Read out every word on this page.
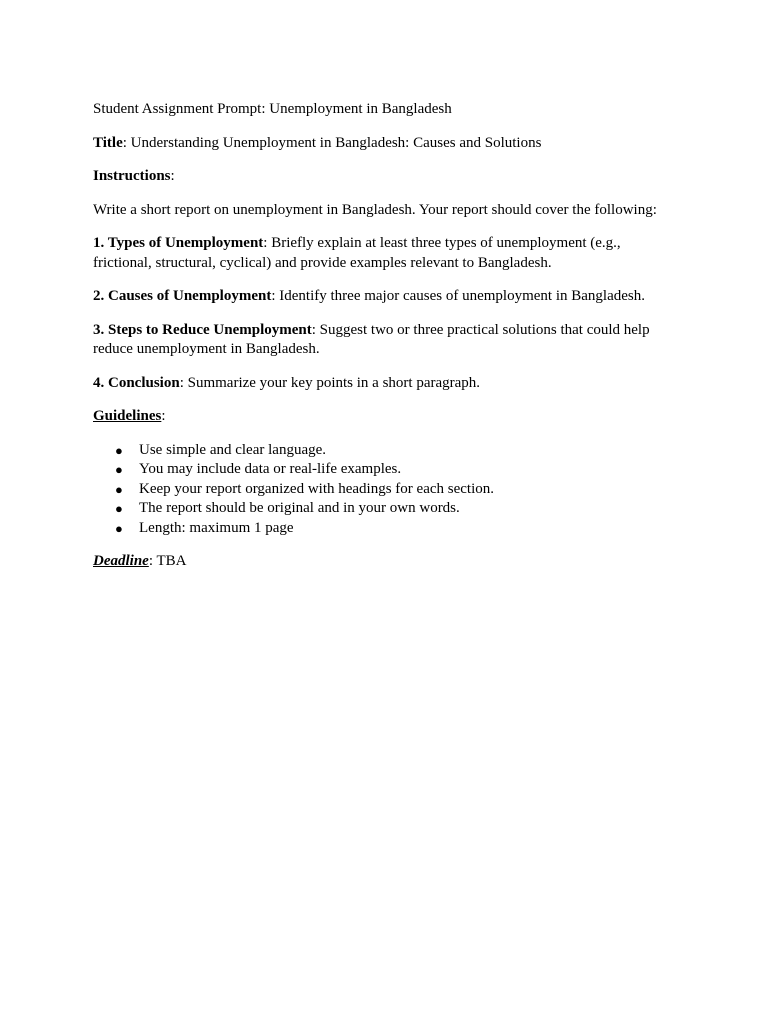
Student Assignment Prompt: Unemployment in Bangladesh

Title: Understanding Unemployment in Bangladesh: Causes and Solutions

Instructions:

Write a short report on unemployment in Bangladesh. Your report should cover the following:

1. Types of Unemployment: Briefly explain at least three types of unemployment (e.g., frictional, structural, cyclical) and provide examples relevant to Bangladesh.

2. Causes of Unemployment: Identify three major causes of unemployment in Bangladesh.

3. Steps to Reduce Unemployment: Suggest two or three practical solutions that could help reduce unemployment in Bangladesh.

4. Conclusion: Summarize your key points in a short paragraph.

Guidelines:

● Use simple and clear language.
● You may include data or real-life examples.
● Keep your report organized with headings for each section.
● The report should be original and in your own words.
● Length: maximum 1 page

Deadline: TBA
